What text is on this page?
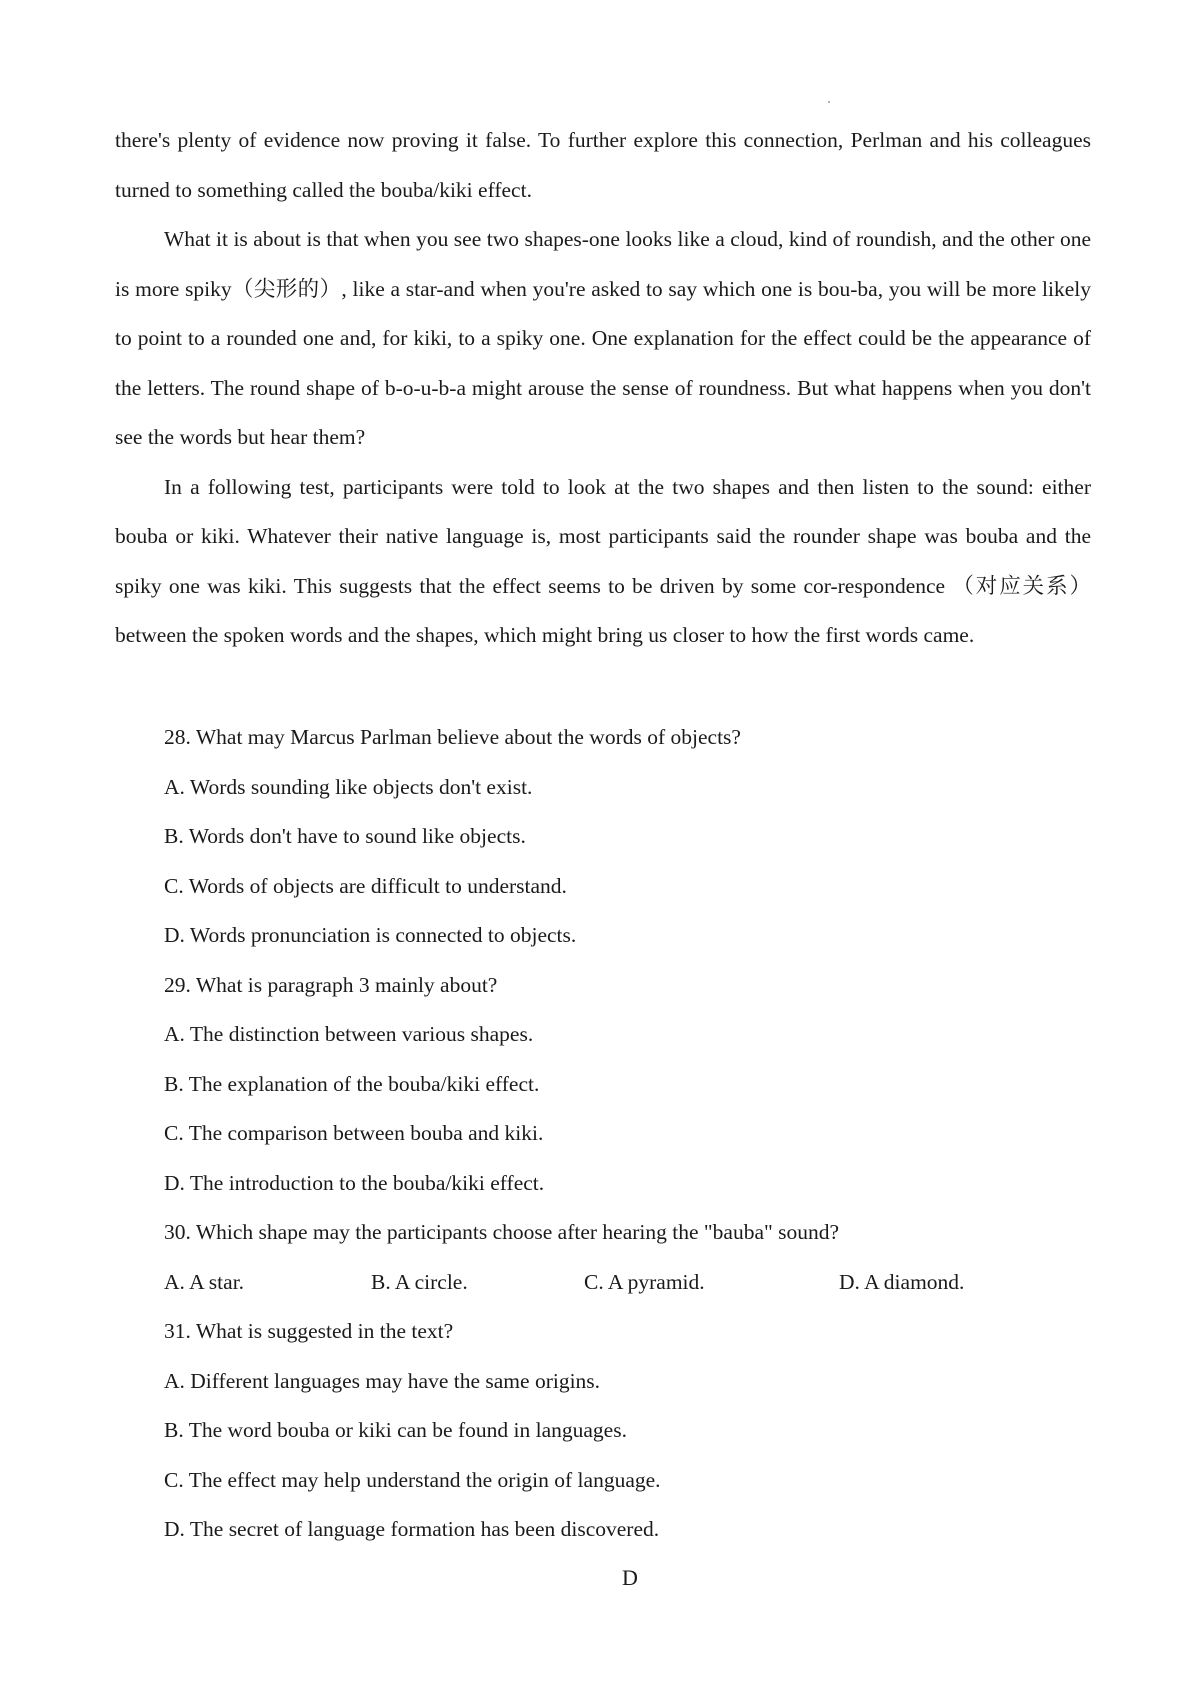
there's plenty of evidence now proving it false. To further explore this connection, Perlman and his colleagues turned to something called the bouba/kiki effect.

What it is about is that when you see two shapes-one looks like a cloud, kind of roundish, and the other one is more spiky（尖形的）, like a star-and when you're asked to say which one is bou-ba, you will be more likely to point to a rounded one and, for kiki, to a spiky one. One explanation for the effect could be the appearance of the letters. The round shape of b-o-u-b-a might arouse the sense of roundness. But what happens when you don't see the words but hear them?

In a following test, participants were told to look at the two shapes and then listen to the sound: either bouba or kiki. Whatever their native language is, most participants said the rounder shape was bouba and the spiky one was kiki. This suggests that the effect seems to be driven by some cor-respondence （对应关系） between the spoken words and the shapes, which might bring us closer to how the first words came.

28. What may Marcus Parlman believe about the words of objects?

A. Words sounding like objects don't exist.

B. Words don't have to sound like objects.

C. Words of objects are difficult to understand.

D. Words pronunciation is connected to objects.

29. What is paragraph 3 mainly about?

A. The distinction between various shapes.

B. The explanation of the bouba/kiki effect.

C. The comparison between bouba and kiki.

D. The introduction to the bouba/kiki effect.

30. Which shape may the participants choose after hearing the "bauba" sound?

A. A star.	B. A circle.	C. A pyramid.	D. A diamond.

31. What is suggested in the text?

A. Different languages may have the same origins.

B. The word bouba or kiki can be found in languages.

C. The effect may help understand the origin of language.

D. The secret of language formation has been discovered.

D
